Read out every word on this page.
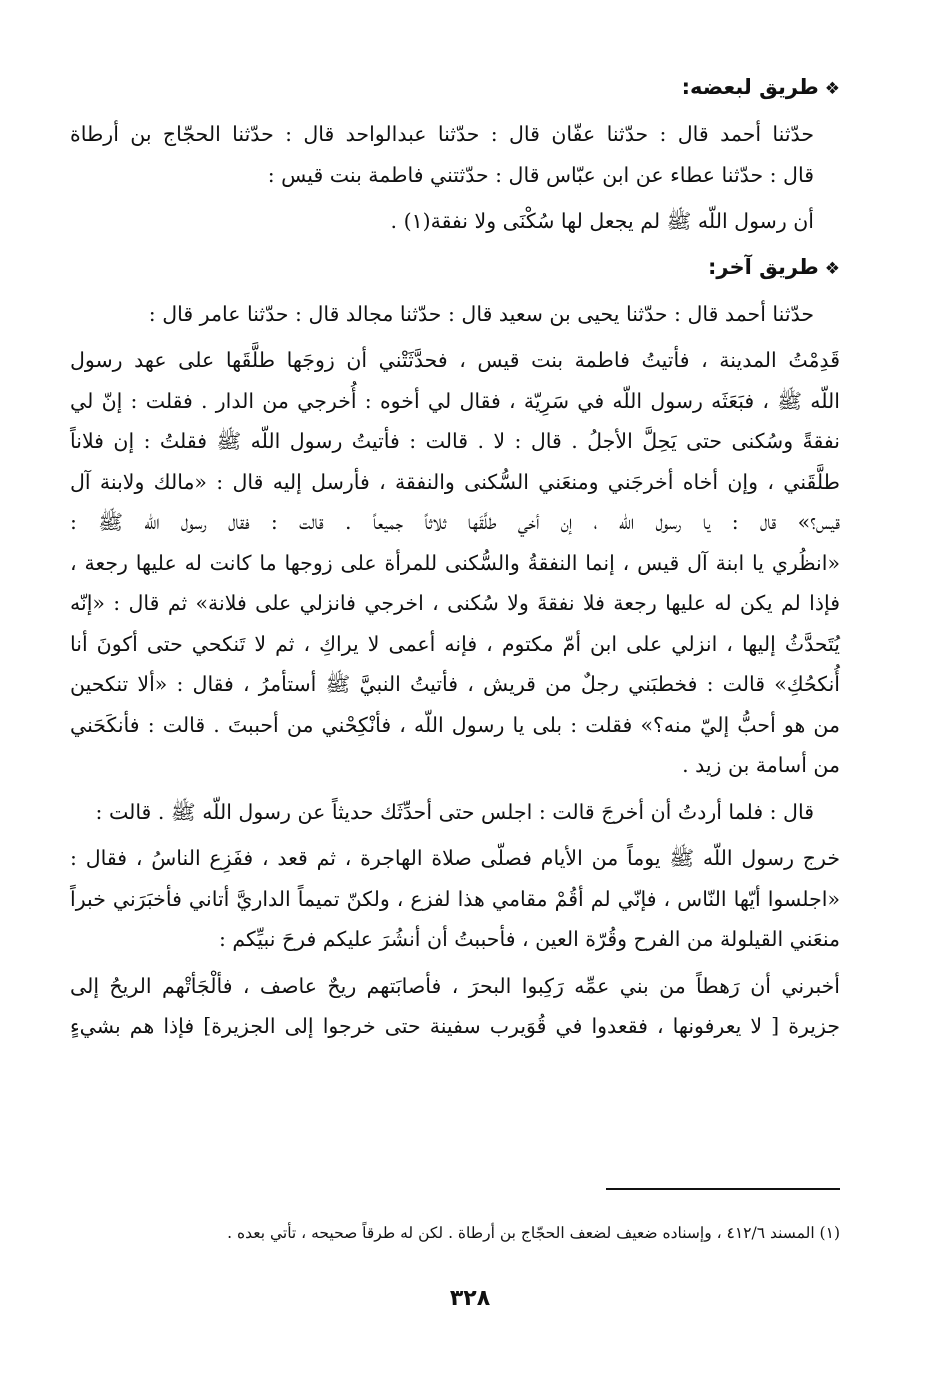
❖طريق لبعضه:
حدّثنا أحمد قال : حدّثنا عفّان قال : حدّثنا عبدالواحد قال : حدّثنا الحجّاج بن أرطاة
قال : حدّثنا عطاء عن ابن عبّاس قال : حدّثتني فاطمة بنت قيس :
أن رسول اللّه ﷺ لم يجعل لها سُكْنَى ولا نفقة(١) .
❖طريق آخر:
حدّثنا أحمد قال : حدّثنا يحيى بن سعيد قال : حدّثنا مجالد قال : حدّثنا عامر قال :
قَدِمْتُ المدينة ، فأتيتُ فاطمة بنت قيس ، فحدَّثَتْني أن زوجَها طلَّقَها على عهد رسول
اللّه ﷺ ، فبَعَثَه رسول اللّه في سَرِيّة ، فقال لي أخوه : أُخرجي من الدار . فقلت : إنّ لي
نفقةً وسُكنى حتى يَحِلَّ الأجلُ . قال : لا . قالت : فأتيتُ رسول اللّه ﷺ فقلتُ : إن فلاناً
طلَّقَني ، وإن أخاه أخرجَني ومنعَني السُّكنى والنفقة ، فأرسل إليه قال : «مالك ولابنة آل
قيس؟» قال : يا رسول اللّه ، إن أخي طلَّقَها ثلاثاً جميعاً . قالت : فقال رسول اللّه ﷺ :
«انظُري يا ابنة آل قيس ، إنما النفقةُ والسُّكنى للمرأة على زوجها ما كانت له عليها رجعة ،
فإذا لم يكن له عليها رجعة فلا نفقةَ ولا سُكنى ، اخرجي فانزلي على فلانة» ثم قال : «إنّه
يُتَحدَّثُ إليها ، انزلي على ابن أمّ مكتوم ، فإنه أعمى لا يراكِ ، ثم لا تَنكحي حتى أكونَ أنا
أُنكحُكِ» قالت : فخطبَني رجلٌ من قريش ، فأتيتُ النبيَّ ﷺ أستأمرُ ، فقال : «ألا تنكحين
من هو أحبُّ إليّ منه؟» فقلت : بلى يا رسول اللّه ، فأنْكِحْني من أحببتَ . قالت : فأنكَحَني
من أسامة بن زيد .
قال : فلما أردتُ أن أخرجَ قالت : اجلس حتى أحدِّثَك حديثاً عن رسول اللّه ﷺ . قالت :
خرج رسول اللّه ﷺ يوماً من الأيام فصلّى صلاة الهاجرة ، ثم قعد ، ففَزِع الناسُ ، فقال :
«اجلسوا أيّها النّاس ، فإنّي لم أقُمْ مقامي هذا لفزع ، ولكنّ تميماً الداريَّ أتاني فأخبَرَني خبراً
منعَني القيلولة من الفرح وقُرّة العين ، فأحببتُ أن أنشُرَ عليكم فرحَ نبيِّكم :
أخبرني أن رَهطاً من بني عمِّه رَكِبوا البحرَ ، فأصابَتهم ريحٌ عاصف ، فألْجَأتْهم الريحُ إلى
جزيرة [ لا يعرفونها ، فقعدوا في قُوَيرب سفينة حتى خرجوا إلى الجزيرة] فإذا هم بشيءٍ
(١) المسند ٤١٢/٦ ، وإسناده ضعيف لضعف الحجّاج بن أرطاة . لكن له طرقاً صحيحه ، تأتي بعده .
٣٢٨
